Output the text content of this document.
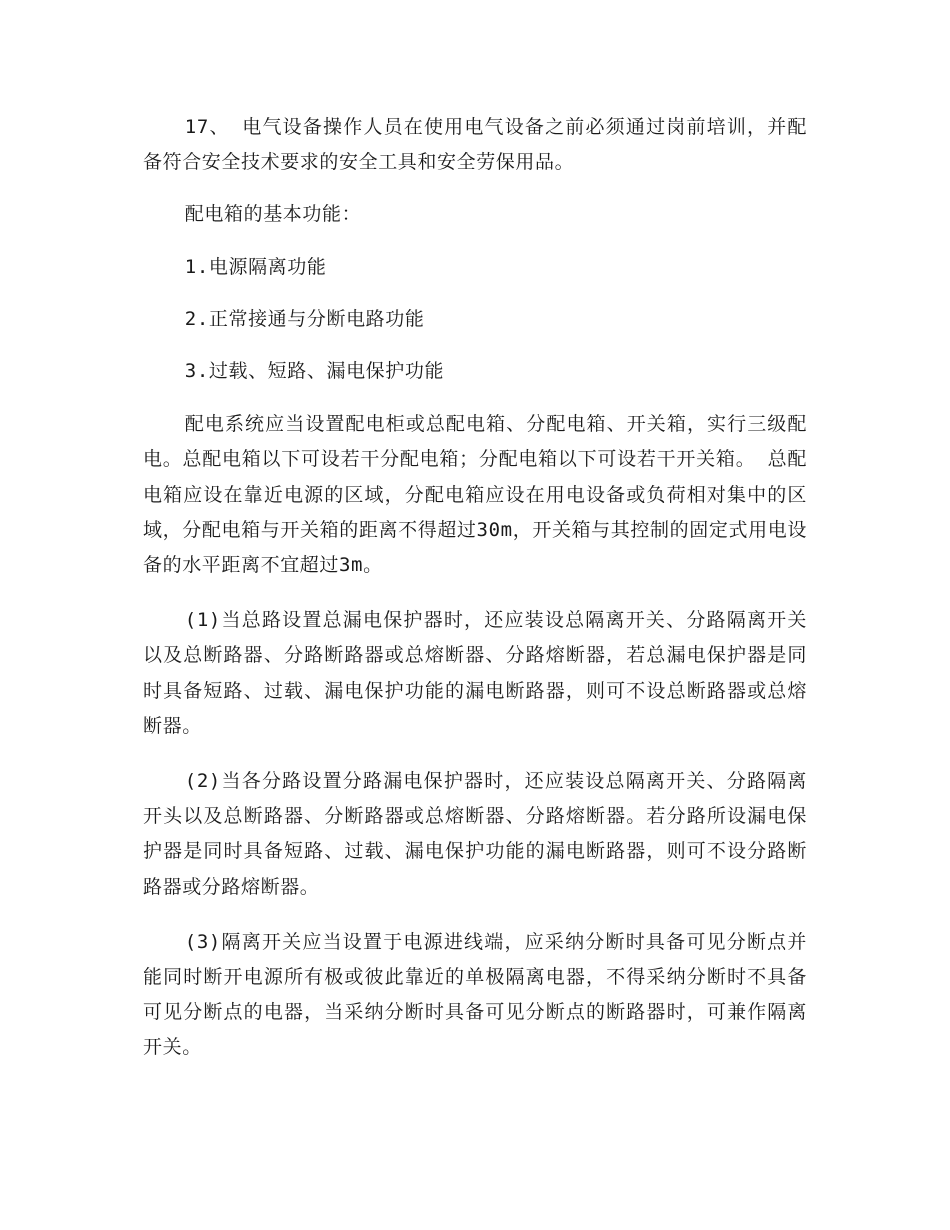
17、 电气设备操作人员在使用电气设备之前必须通过岗前培训，并配备符合安全技术要求的安全工具和安全劳保用品。

配电箱的基本功能：

1.电源隔离功能

2.正常接通与分断电路功能

3.过载、短路、漏电保护功能

配电系统应当设置配电柜或总配电箱、分配电箱、开关箱，实行三级配电。总配电箱以下可设若干分配电箱；分配电箱以下可设若干开关箱。 总配电箱应设在靠近电源的区域，分配电箱应设在用电设备或负荷相对集中的区域，分配电箱与开关箱的距离不得超过30m，开关箱与其控制的固定式用电设备的水平距离不宜超过3m。

(1)当总路设置总漏电保护器时，还应装设总隔离开关、分路隔离开关以及总断路器、分路断路器或总熔断器、分路熔断器，若总漏电保护器是同时具备短路、过载、漏电保护功能的漏电断路器，则可不设总断路器或总熔断器。

(2)当各分路设置分路漏电保护器时，还应装设总隔离开关、分路隔离开头以及总断路器、分断路器或总熔断器、分路熔断器。若分路所设漏电保护器是同时具备短路、过载、漏电保护功能的漏电断路器，则可不设分路断路器或分路熔断器。

(3)隔离开关应当设置于电源进线端，应采纳分断时具备可见分断点并能同时断开电源所有极或彼此靠近的单极隔离电器，不得采纳分断时不具备可见分断点的电器，当采纳分断时具备可见分断点的断路器时，可兼作隔离开关。
